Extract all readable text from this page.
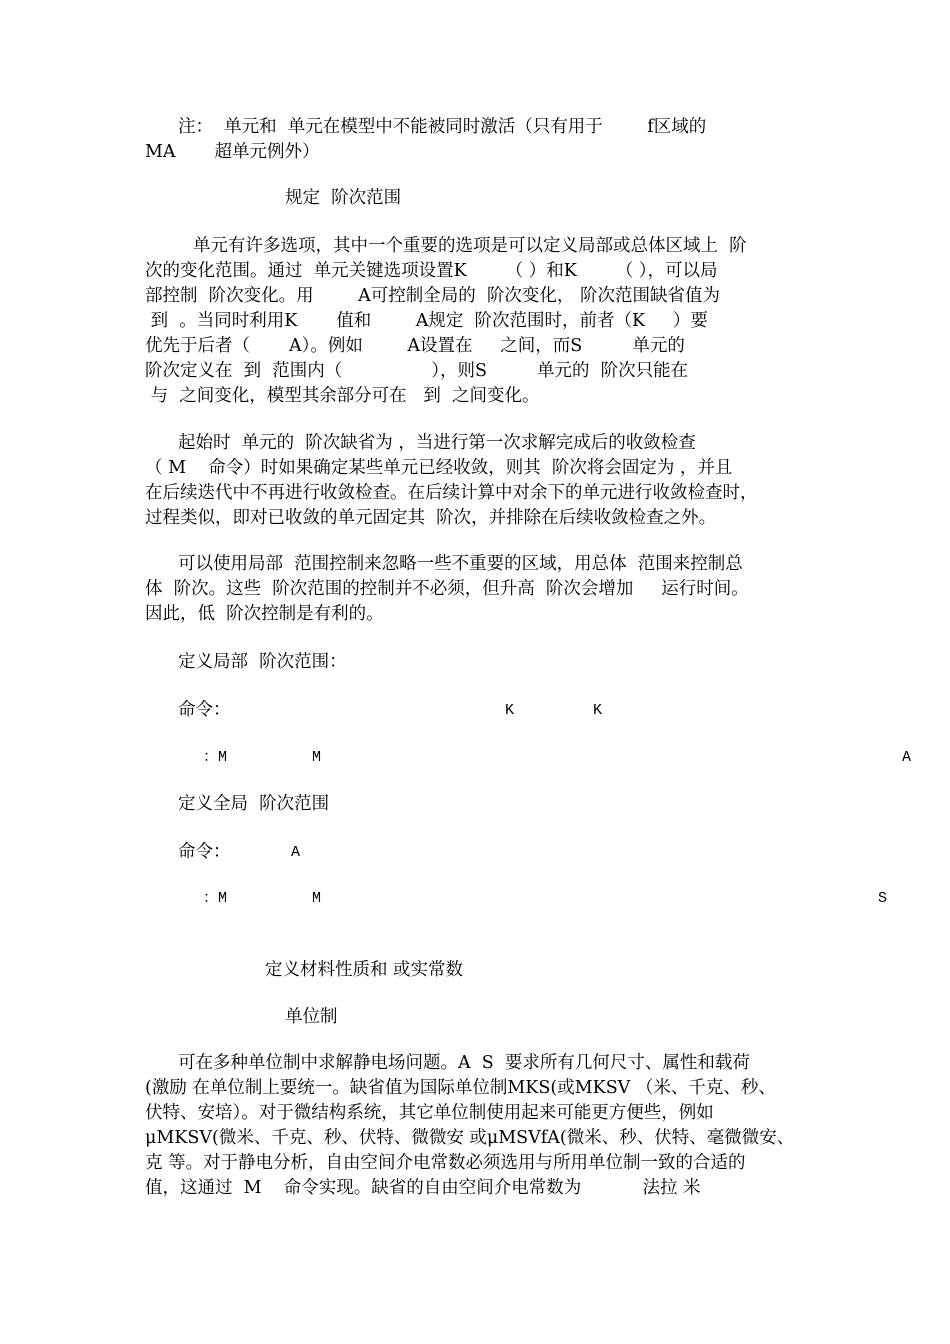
注：  单元和  单元在模型中不能被同时激活（只有用于        f区域的
MA       超单元例外）
规定  阶次范围
单元有许多选项，其中一个重要的选项是可以定义局部或总体区域上  阶
次的变化范围。通过  单元关键选项设置K       （ ）和K       （ ），可以局
部控制  阶次变化。用        A可控制全局的  阶次变化， 阶次范围缺省值为
到  。当同时利用K       值和        A规定  阶次范围时，前者（K     ）要
优先于后者（       A）。例如        A设置在     之间，而S         单元的
阶次定义在  到  范围内（                ），则S         单元的  阶次只能在
与  之间变化，模型其余部分可在   到  之间变化。
起始时  单元的  阶次缺省为 ，当进行第一次求解完成后的收敛检查
（ M    命令）时如果确定某些单元已经收敛，则其  阶次将会固定为 ，并且
在后续迭代中不再进行收敛检查。在后续计算中对余下的单元进行收敛检查时，
过程类似，即对已收敛的单元固定其  阶次，并排除在后续收敛检查之外。
可以使用局部  范围控制来忽略一些不重要的区域，用总体  范围来控制总
体  阶次。这些  阶次范围的控制并不必须，但升高  阶次会增加     运行时间。
因此，低  阶次控制是有利的。
定义局部  阶次范围：
命令：	K	K
：M	M	A
定义全局  阶次范围
命令：	A
：M	M	S
定义材料性质和 或实常数
单位制
可在多种单位制中求解静电场问题。A  S  要求所有几何尺寸、属性和载荷
(激励 在单位制上要统一。缺省值为国际单位制MKS(或MKSV （米、千克、秒、
伏特、安培）。对于微结构系统，其它单位制使用起来可能更方便些，例如
μMKSV(微米、千克、秒、伏特、微微安 或μMSVfA(微米、秒、伏特、毫微微安、
克 等。对于静电分析，自由空间介电常数必须选用与所用单位制一致的合适的
值，这通过  M    命令实现。缺省的自由空间介电常数为           法拉 米
